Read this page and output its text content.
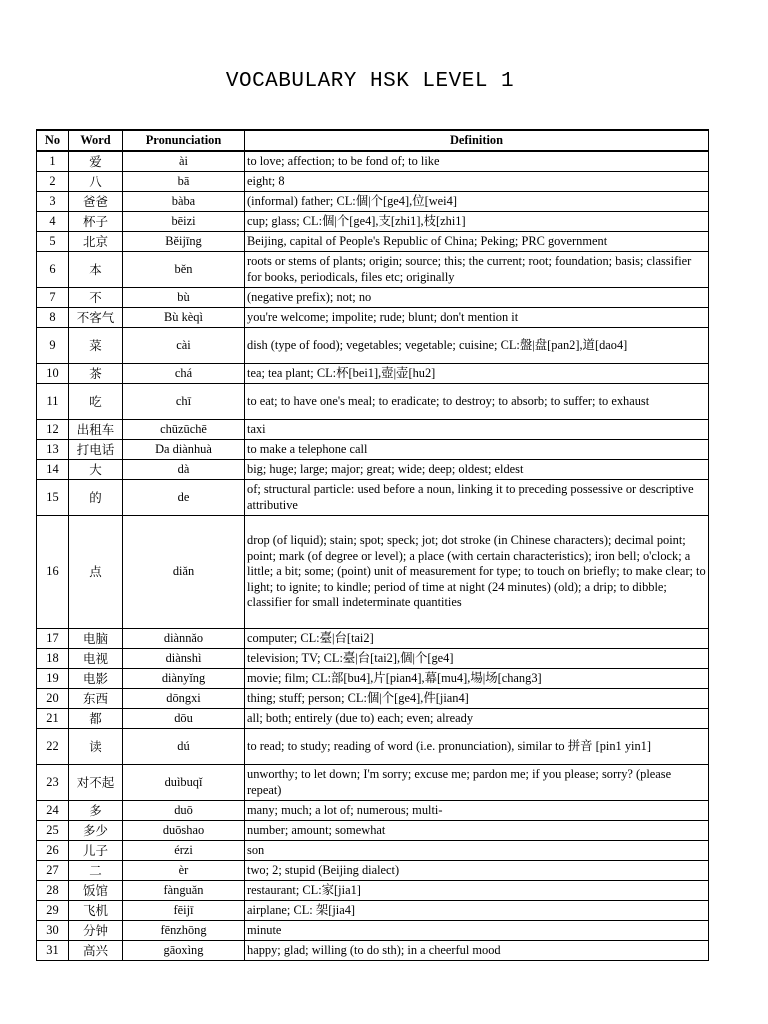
VOCABULARY HSK LEVEL 1
No	Word	Pronunciation	Definition
1	爱	ài	to love; affection; to be fond of; to like
2	八	bā	eight; 8
3	爸爸	bàba	(informal) father; CL:個|个[ge4],位[wei4]
4	杯子	bēizi	cup; glass; CL:個|个[ge4],支[zhi1],枝[zhi1]
5	北京	Běijīng	Beijing, capital of People's Republic of China; Peking; PRC government
6	本	běn	roots or stems of plants; origin; source; this; the current; root; foundation; basis; classifier for books, periodicals, files etc; originally
7	不	bù	(negative prefix); not; no
8	不客气	Bù kèqì	you're welcome; impolite; rude; blunt; don't mention it
9	菜	cài	dish (type of food); vegetables; vegetable; cuisine; CL:盤|盘[pan2],道[dao4]
10	茶	chá	tea; tea plant; CL:杯[bei1],壺|壶[hu2]
11	吃	chī	to eat; to have one's meal; to eradicate; to destroy; to absorb; to suffer; to exhaust
12	出租车	chūzūchē	taxi
13	打电话	Da diànhuà	to make a telephone call
14	大	dà	big; huge; large; major; great; wide; deep; oldest; eldest
15	的	de	of; structural particle: used before a noun, linking it to preceding possessive or descriptive attributive
16	点	diǎn	drop (of liquid); stain; spot; speck; jot; dot stroke (in Chinese characters); decimal point; point; mark (of degree or level); a place (with certain characteristics); iron bell; o'clock; a little; a bit; some; (point) unit of measurement for type; to touch on briefly; to make clear; to light; to ignite; to kindle; period of time at night (24 minutes) (old); a drip; to dibble; classifier for small indeterminate quantities
17	电脑	diànnǎo	computer; CL:臺|台[tai2]
18	电视	diànshì	television; TV; CL:臺|台[tai2],個|个[ge4]
19	电影	diànyǐng	movie; film; CL:部[bu4],片[pian4],幕[mu4],場|场[chang3]
20	东西	dōngxi	thing; stuff; person; CL:個|个[ge4],件[jian4]
21	都	dōu	all; both; entirely (due to) each; even; already
22	读	dú	to read; to study; reading of word (i.e. pronunciation), similar to 拼音 [pin1 yin1]
23	对不起	duìbuqǐ	unworthy; to let down; I'm sorry; excuse me; pardon me; if you please; sorry? (please repeat)
24	多	duō	many; much; a lot of; numerous; multi-
25	多少	duōshao	number; amount; somewhat
26	儿子	érzi	son
27	二	èr	two; 2; stupid (Beijing dialect)
28	饭馆	fànguǎn	restaurant; CL:家[jia1]
29	飞机	fēijī	airplane; CL: 架[jia4]
30	分钟	fēnzhōng	minute
31	高兴	gāoxìng	happy; glad; willing (to do sth); in a cheerful mood
